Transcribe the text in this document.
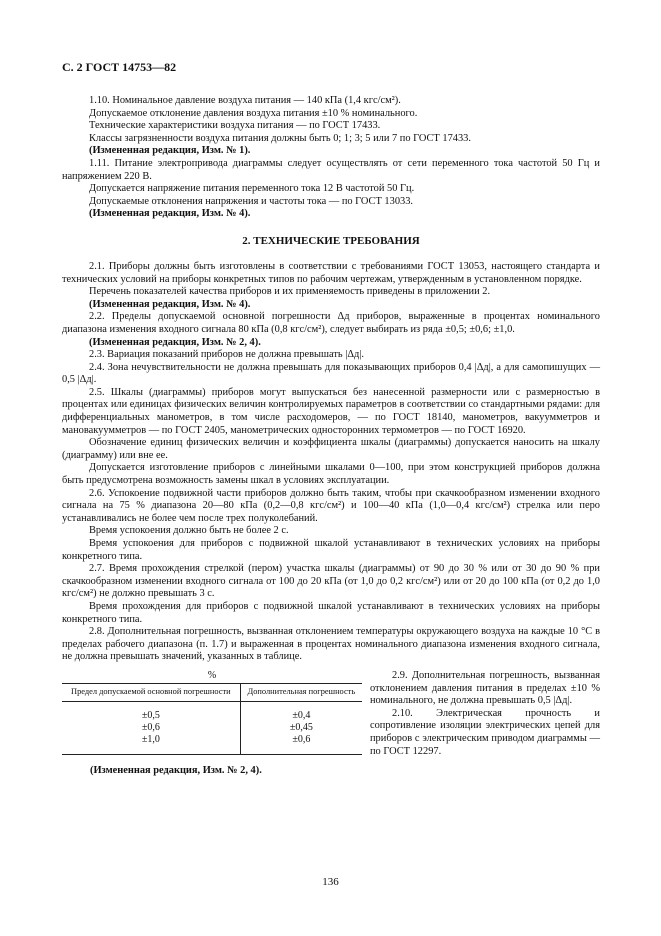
С. 2 ГОСТ 14753—82

1.10. Номинальное давление воздуха питания — 140 кПа (1,4 кгс/см²).

Допускаемое отклонение давления воздуха питания ±10 % номинального.

Технические характеристики воздуха питания — по ГОСТ 17433.

Классы загрязненности воздуха питания должны быть 0; 1; 3; 5 или 7 по ГОСТ 17433.

(Измененная редакция, Изм. № 1).

1.11. Питание электропривода диаграммы следует осуществлять от сети переменного тока частотой 50 Гц и напряжением 220 В.

Допускается напряжение питания переменного тока 12 В частотой 50 Гц.

Допускаемые отклонения напряжения и частоты тока — по ГОСТ 13033.

(Измененная редакция, Изм. № 4).

2. ТЕХНИЧЕСКИЕ ТРЕБОВАНИЯ

2.1. Приборы должны быть изготовлены в соответствии с требованиями ГОСТ 13053, настоящего стандарта и технических условий на приборы конкретных типов по рабочим чертежам, утвержденным в установленном порядке.

Перечень показателей качества приборов и их применяемость приведены в приложении 2.

(Измененная редакция, Изм. № 4).

2.2. Пределы допускаемой основной погрешности Δд приборов, выраженные в процентах номинального диапазона изменения входного сигнала 80 кПа (0,8 кгс/см²), следует выбирать из ряда ±0,5; ±0,6; ±1,0.

(Измененная редакция, Изм. № 2, 4).

2.3. Вариация показаний приборов не должна превышать |Δд|.

2.4. Зона нечувствительности не должна превышать для показывающих приборов 0,4 |Δд|, а для самопишущих — 0,5 |Δд|.

2.5. Шкалы (диаграммы) приборов могут выпускаться без нанесенной размерности или с размерностью в процентах или единицах физических величин контролируемых параметров в соответствии со стандартными рядами: для дифференциальных манометров, в том числе расходомеров, — по ГОСТ 18140, манометров, вакуумметров и мановакуумметров — по ГОСТ 2405, манометрических односторонних термометров — по ГОСТ 16920.

Обозначение единиц физических величин и коэффициента шкалы (диаграммы) допускается наносить на шкалу (диаграмму) или вне ее.

Допускается изготовление приборов с линейными шкалами 0—100, при этом конструкцией приборов должна быть предусмотрена возможность замены шкал в условиях эксплуатации.

2.6. Успокоение подвижной части приборов должно быть таким, чтобы при скачкообразном изменении входного сигнала на 75 % диапазона 20—80 кПа (0,2—0,8 кгс/см²) и 100—40 кПа (1,0—0,4 кгс/см²) стрелка или перо устанавливались не более чем после трех полуколебаний.

Время успокоения должно быть не более 2 с.

Время успокоения для приборов с подвижной шкалой устанавливают в технических условиях на приборы конкретного типа.

2.7. Время прохождения стрелкой (пером) участка шкалы (диаграммы) от 90 до 30 % или от 30 до 90 % при скачкообразном изменении входного сигнала от 100 до 20 кПа (от 1,0 до 0,2 кгс/см²) или от 20 до 100 кПа (от 0,2 до 1,0 кгс/см²) не должно превышать 3 с.

Время прохождения для приборов с подвижной шкалой устанавливают в технических условиях на приборы конкретного типа.

2.8. Дополнительная погрешность, вызванная отклонением температуры окружающего воздуха на каждые 10 °С в пределах рабочего диапазона (п. 1.7) и выраженная в процентах номинального диапазона изменения входного сигнала, не должна превышать значений, указанных в таблице.

%
Предел допускаемой основной погрешности	Дополнительная погрешность
±0,5	±0,4
±0,6	±0,45
±1,0	±0,6
(Измененная редакция, Изм. № 2, 4).

2.9. Дополнительная погрешность, вызванная отклонением давления питания в пределах ±10 % номинального, не должна превышать 0,5 |Δд|.

2.10. Электрическая прочность и сопротивление изоляции электрических цепей для приборов с электрическим приводом диаграммы — по ГОСТ 12297.

136
